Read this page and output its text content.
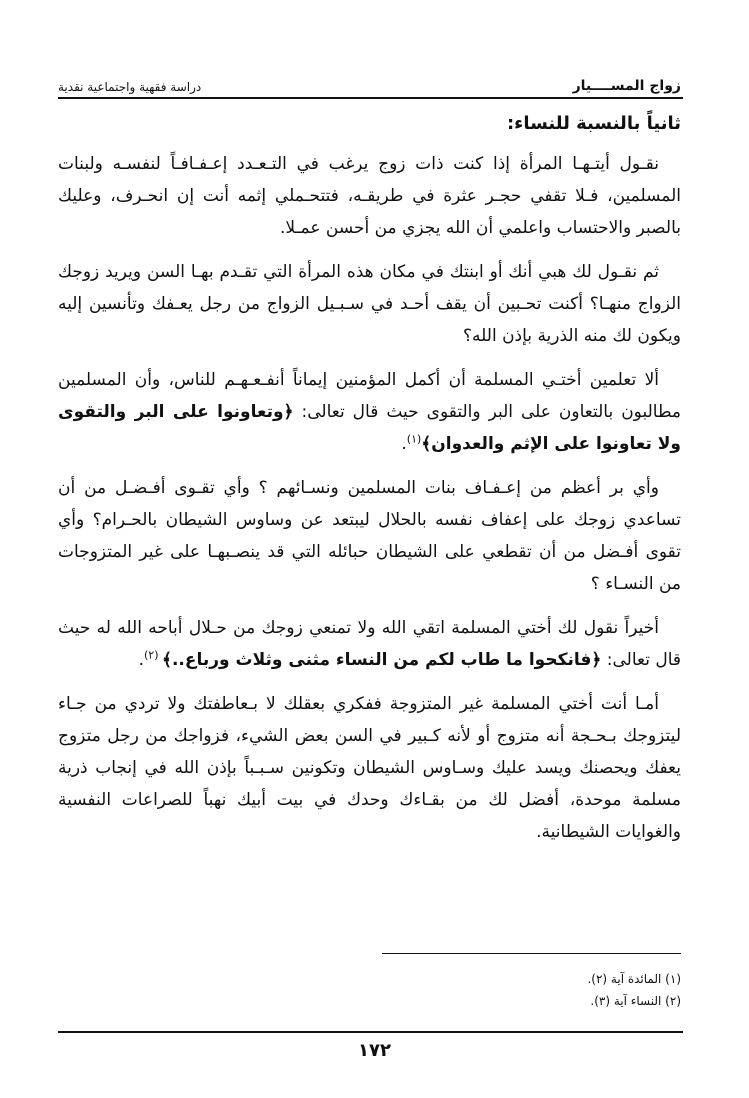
زواج المســــيار
دراسة فقهية واجتماعية نقدية
ثانياً بالنسبة للنساء:

نقـول أيتـهـا المرأة إذا كنت ذات زوج يرغب في التـعـدد إعـفـافـاً لنفسـه ولبنات المسلمين، فـلا تقفي حجـر عثرة في طريقـه، فتتحـملي إثمه أنت إن انحـرف، وعليك بالصبر والاحتساب واعلمي أن الله يجزي من أحسن عمـلا.

ثم نقـول لك هبي أنك أو ابنتك في مكان هذه المرأة التي تقـدم بهـا السن ويريد زوجك الزواج منهـا؟ أكنت تحـبين أن يقف أحـد في سـبـيل الزواج من رجل يعـفك وتأنسين إليه ويكون لك منه الذرية بإذن الله؟

ألا تعلمين أختـي المسلمة أن أكمل المؤمنين إيماناً أنفـعـهـم للناس، وأن المسلمين مطالبون بالتعاون على البر والتقوى حيث قال تعالى: ﴿وتعاونوا على البر والتقوى ولا تعاونوا على الإثم والعدوان﴾$^{(١)}$.

وأي بر أعظم من إعـفـاف بنات المسلمين ونسـائهم ؟ وأي تقـوى أفـضـل من أن تساعدي زوجك على إعفاف نفسه بالحلال ليبتعد عن وساوس الشيطان بالحـرام؟ وأي تقوى أفـضل من أن تقطعي على الشيطان حبائله التي قد ينصـبهـا على غير المتزوجات من النسـاء ؟

أخيراً نقول لك أختي المسلمة اتقي الله ولا تمنعي زوجك من حـلال أباحه الله له حيث قال تعالى: ﴿فانكحوا ما طاب لكم من النساء مثنى وثلاث ورباع..﴾ $^{(٢)}$.

أمـا أنت أختي المسلمة غير المتزوجة ففكري بعقلك لا بـعاطفتك ولا تردي من جـاء ليتزوجك بـحـجة أنه متزوج أو لأنه كـبير في السن بعض الشيء، فزواجك من رجل متزوج يعفك ويحصنك ويسد عليك وسـاوس الشيطان وتكونين سـبـباً بإذن الله في إنجاب ذرية مسلمة موحدة، أفضل لك من بقـاءك وحدك في بيت أبيك نهباً للصراعات النفسية والغوايات الشيطانية.

(١) المائدة آية (٢).
(٢) النساء آية (٣).
١٧٢
